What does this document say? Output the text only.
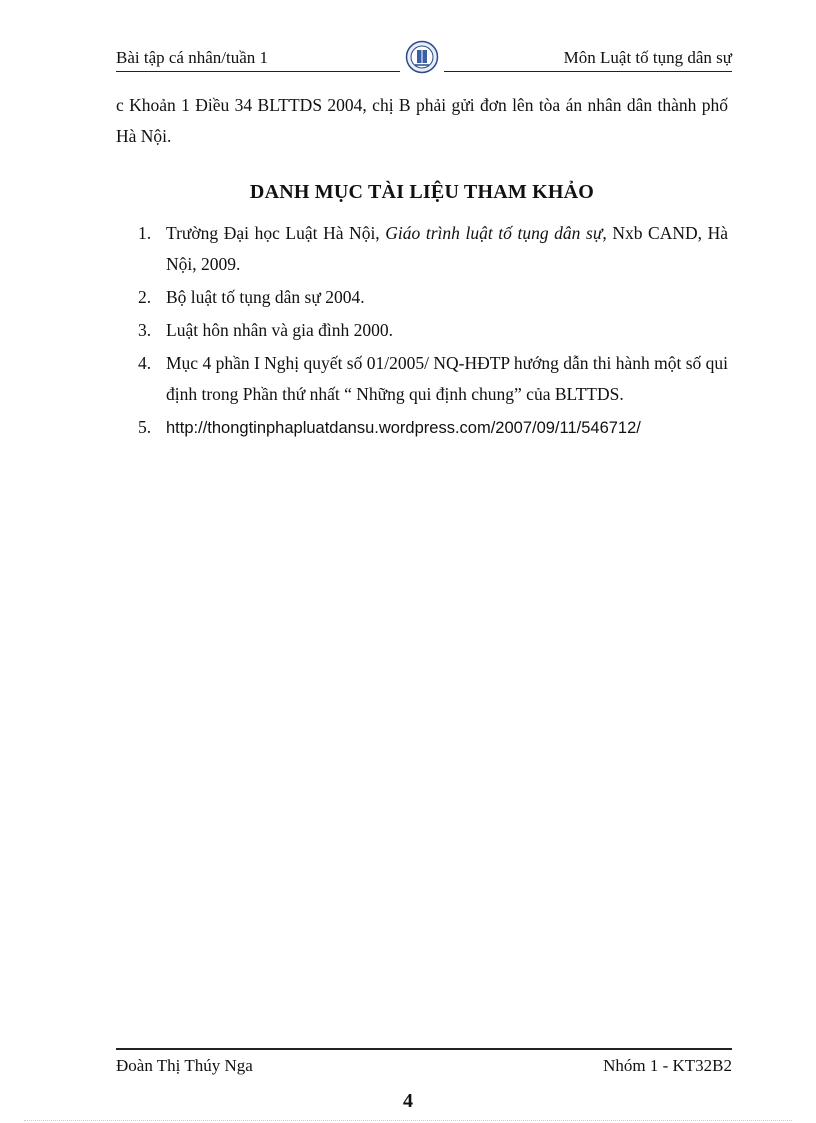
Bài tập cá nhân/tuần 1	Môn Luật tố tụng dân sự
c Khoản 1 Điều 34 BLTTDS 2004, chị B phải gửi đơn lên tòa án nhân dân thành phố Hà Nội.
DANH MỤC TÀI LIỆU THAM KHẢO
1. Trường Đại học Luật Hà Nội, Giáo trình luật tố tụng dân sự, Nxb CAND, Hà Nội, 2009.
2. Bộ luật tố tụng dân sự 2004.
3. Luật hôn nhân và gia đình 2000.
4. Mục 4 phần I Nghị quyết số 01/2005/ NQ-HĐTP hướng dẫn thi hành một số qui định trong Phần thứ nhất “ Những qui định chung” của BLTTDS.
5. http://thongtinphapluatdansu.wordpress.com/2007/09/11/546712/
Đoàn Thị Thúy Nga	Nhóm 1 - KT32B2
4
